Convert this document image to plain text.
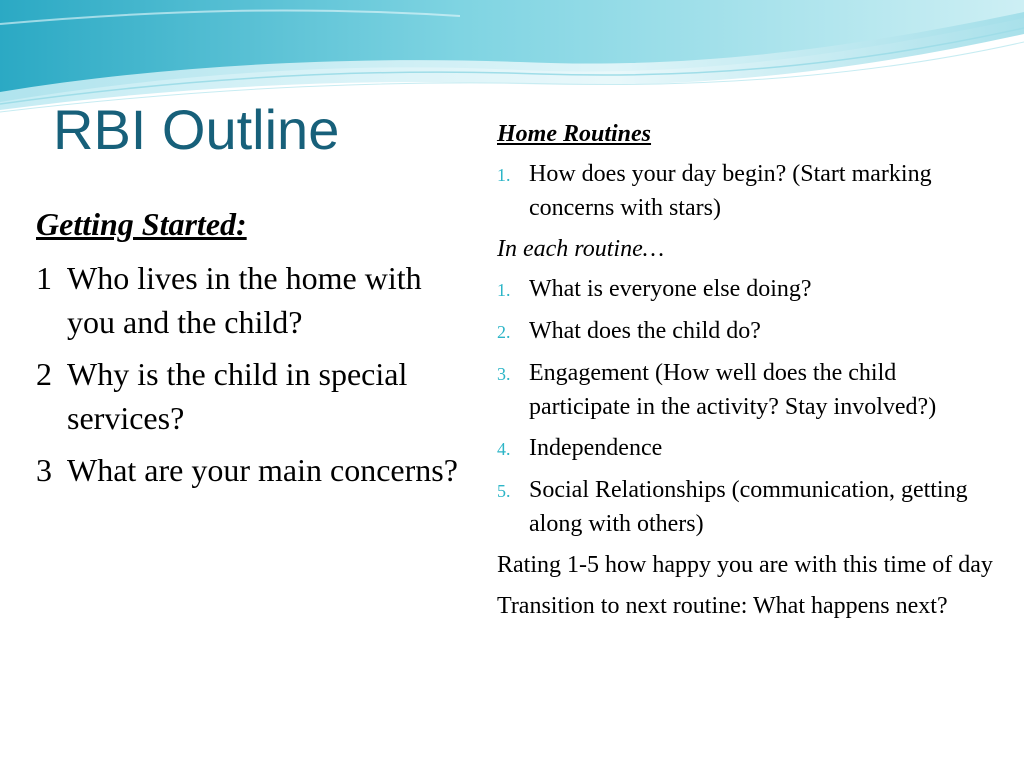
RBI Outline
Getting Started:
1 Who lives in the home with you and the child?
2 Why is the child in special services?
3 What are your main concerns?
Home Routines
1. How does your day begin? (Start marking concerns with stars)
In each routine…
1. What is everyone else doing?
2. What does the child do?
3. Engagement (How well does the child participate in the activity? Stay involved?)
4. Independence
5. Social Relationships (communication, getting along with others)
Rating 1-5 how happy you are with this time of day
Transition to next routine: What happens next?
